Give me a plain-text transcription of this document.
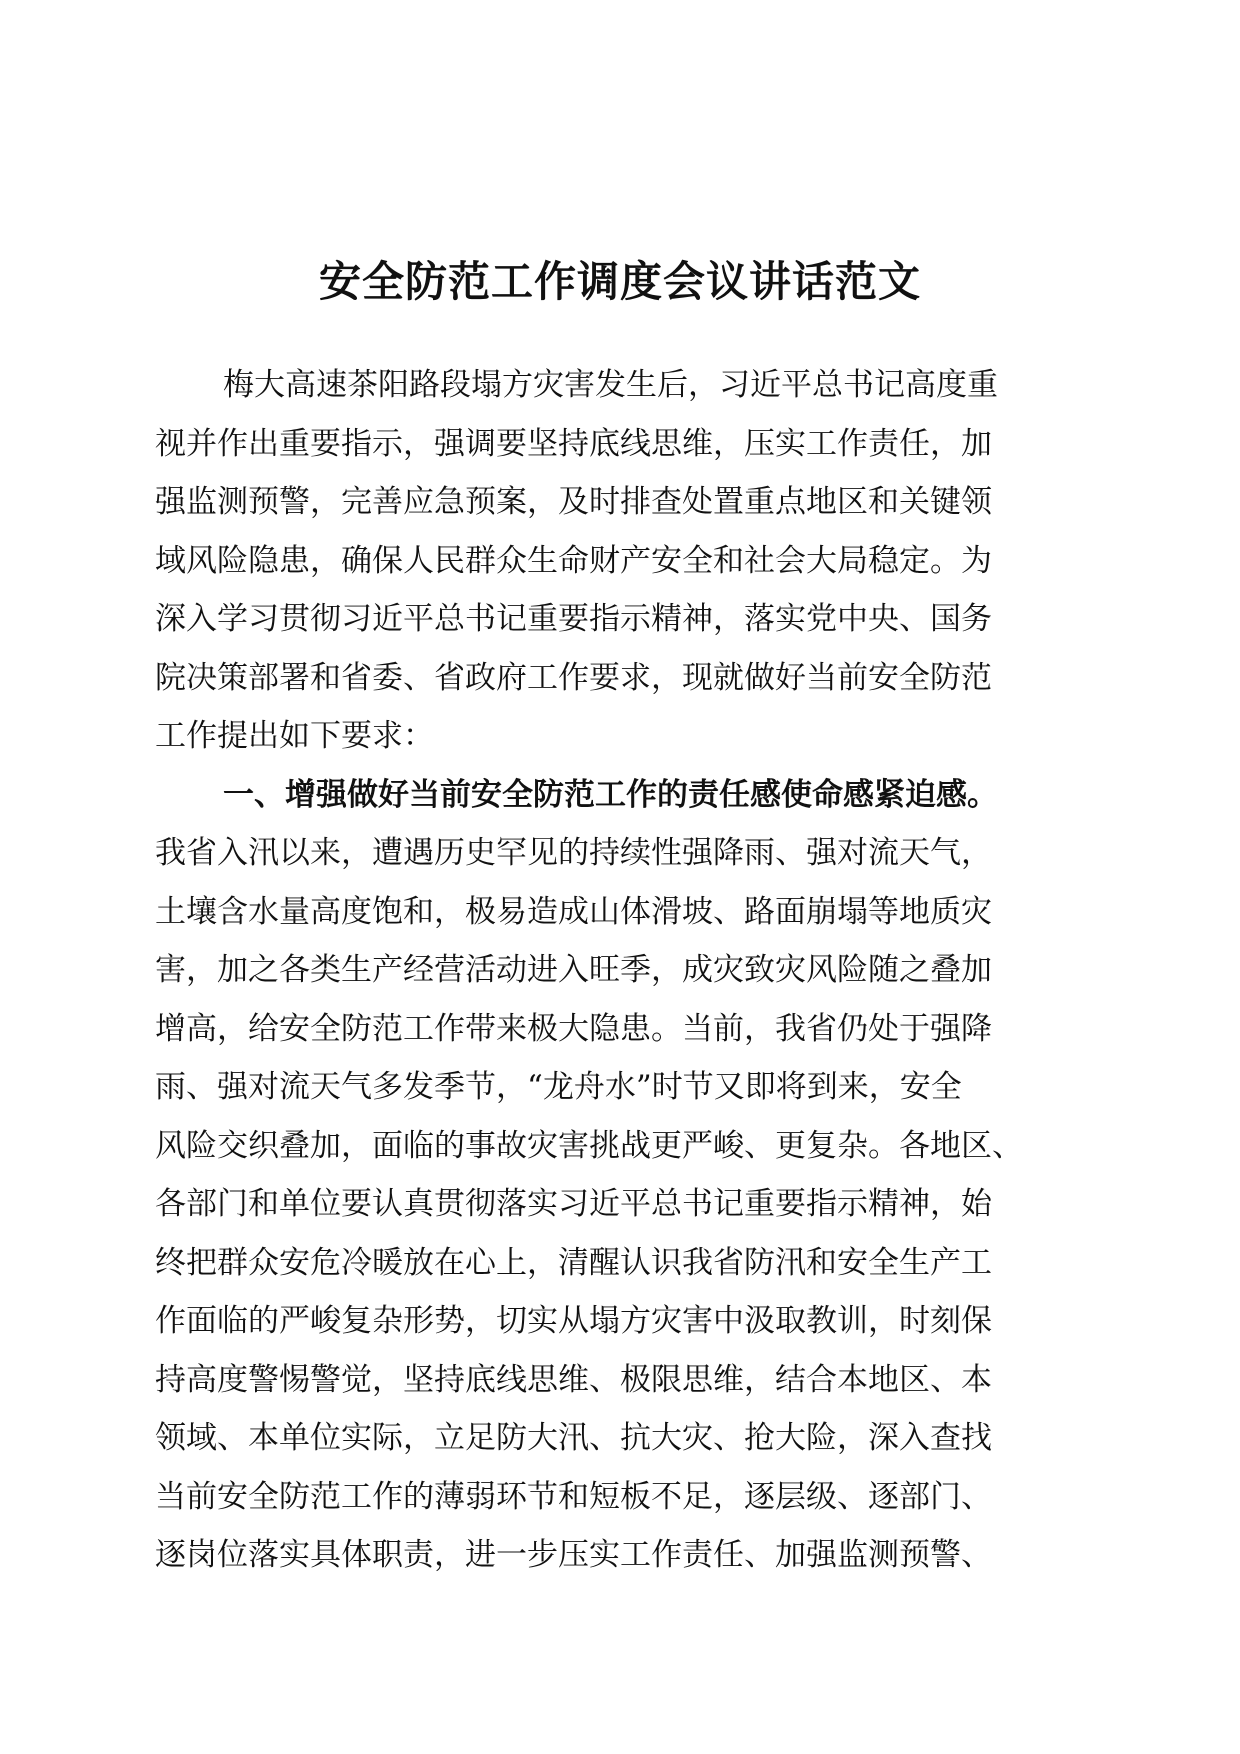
安全防范工作调度会议讲话范文
梅大高速茶阳路段塌方灾害发生后，习近平总书记高度重
视并作出重要指示，强调要坚持底线思维，压实工作责任，加
强监测预警，完善应急预案，及时排查处置重点地区和关键领
域风险隐患，确保人民群众生命财产安全和社会大局稳定。为
深入学习贯彻习近平总书记重要指示精神，落实党中央、国务
院决策部署和省委、省政府工作要求，现就做好当前安全防范
工作提出如下要求：
一、增强做好当前安全防范工作的责任感使命感紧迫感。
我省入汛以来，遭遇历史罕见的持续性强降雨、强对流天气，
土壤含水量高度饱和，极易造成山体滑坡、路面崩塌等地质灾
害，加之各类生产经营活动进入旺季，成灾致灾风险随之叠加
增高，给安全防范工作带来极大隐患。当前，我省仍处于强降
雨、强对流天气多发季节，“龙舟水”时节又即将到来，安全
风险交织叠加，面临的事故灾害挑战更严峻、更复杂。各地区、
各部门和单位要认真贯彻落实习近平总书记重要指示精神，始
终把群众安危冷暖放在心上，清醒认识我省防汛和安全生产工
作面临的严峻复杂形势，切实从塌方灾害中汲取教训，时刻保
持高度警惕警觉，坚持底线思维、极限思维，结合本地区、本
领域、本单位实际，立足防大汛、抗大灾、抢大险，深入查找
当前安全防范工作的薄弱环节和短板不足，逐层级、逐部门、
逐岗位落实具体职责，进一步压实工作责任、加强监测预警、
